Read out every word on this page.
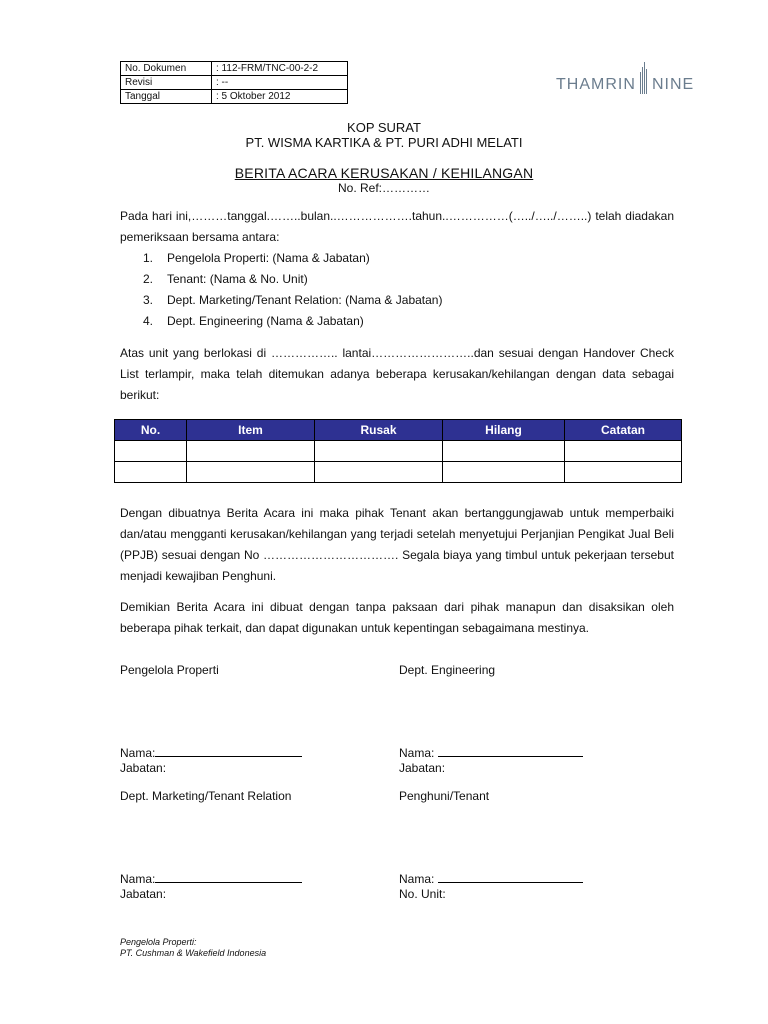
No. Dokumen	: 112-FRM/TNC-00-2-2
Revisi	: --
Tanggal	: 5 Oktober 2012
THAMRIN NINE
KOP SURAT
PT. WISMA KARTIKA & PT. PURI ADHI MELATI
BERITA ACARA KERUSAKAN / KEHILANGAN
No. Ref:…………
Pada hari ini,………tanggal.……..bulan..……………….tahun..……………(…../…../……..) telah diadakan pemeriksaan bersama antara:
1. Pengelola Properti: (Nama & Jabatan)
2. Tenant: (Nama & No. Unit)
3. Dept. Marketing/Tenant Relation: (Nama & Jabatan)
4. Dept. Engineering (Nama & Jabatan)
Atas unit yang berlokasi di …………….. lantai……………………..dan sesuai dengan Handover Check List terlampir, maka telah ditemukan adanya beberapa kerusakan/kehilangan dengan data sebagai berikut:
No.	Item	Rusak	Hilang	Catatan

Dengan dibuatnya Berita Acara ini maka pihak Tenant akan bertanggungjawab untuk memperbaiki dan/atau mengganti kerusakan/kehilangan yang terjadi setelah menyetujui Perjanjian Pengikat Jual Beli (PPJB) sesuai dengan No ……………………………. Segala biaya yang timbul untuk pekerjaan tersebut menjadi kewajiban Penghuni.
Demikian Berita Acara ini dibuat dengan tanpa paksaan dari pihak manapun dan disaksikan oleh beberapa pihak terkait, dan dapat digunakan untuk kepentingan sebagaimana mestinya.
Pengelola Properti	Dept. Engineering
Nama:
Jabatan:
Nama:
Jabatan:
Dept. Marketing/Tenant Relation	Penghuni/Tenant
Nama:
Jabatan:
Nama:
No. Unit:
Pengelola Properti:
PT. Cushman & Wakefield Indonesia
